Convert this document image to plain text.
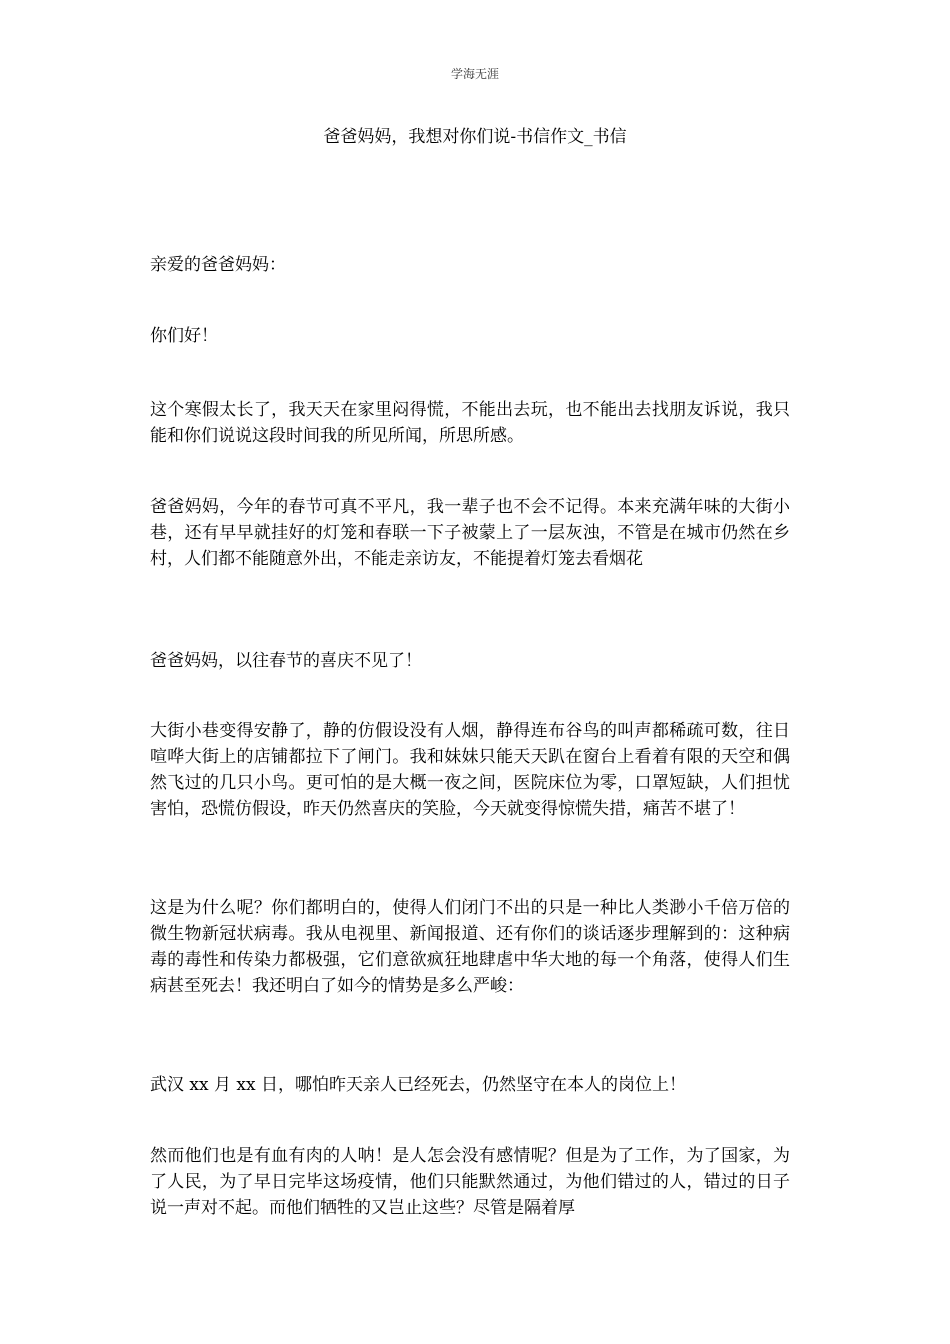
学海无涯
爸爸妈妈，我想对你们说-书信作文_书信

亲爱的爸爸妈妈：

你们好！

这个寒假太长了，我天天在家里闷得慌，不能出去玩，也不能出去找朋友诉说，我只能和你们说说这段时间我的所见所闻，所思所感。

爸爸妈妈，今年的春节可真不平凡，我一辈子也不会不记得。本来充满年味的大街小巷，还有早早就挂好的灯笼和春联一下子被蒙上了一层灰浊，不管是在城市仍然在乡村，人们都不能随意外出，不能走亲访友，不能提着灯笼去看烟花

爸爸妈妈，以往春节的喜庆不见了！

大街小巷变得安静了，静的仿假设没有人烟，静得连布谷鸟的叫声都稀疏可数，往日喧哗大街上的店铺都拉下了闸门。我和妹妹只能天天趴在窗台上看着有限的天空和偶然飞过的几只小鸟。更可怕的是大概一夜之间，医院床位为零，口罩短缺，人们担忧害怕，恐慌仿假设，昨天仍然喜庆的笑脸，今天就变得惊慌失措，痛苦不堪了！

这是为什么呢？你们都明白的，使得人们闭门不出的只是一种比人类渺小千倍万倍的微生物新冠状病毒。我从电视里、新闻报道、还有你们的谈话逐步理解到的：这种病毒的毒性和传染力都极强，它们意欲疯狂地肆虐中华大地的每一个角落，使得人们生病甚至死去！我还明白了如今的情势是多么严峻：

武汉 xx 月 xx 日，哪怕昨天亲人已经死去，仍然坚守在本人的岗位上！

然而他们也是有血有肉的人呐！是人怎会没有感情呢？但是为了工作，为了国家，为了人民，为了早日完毕这场疫情，他们只能默然通过，为他们错过的人，错过的日子说一声对不起。而他们牺牲的又岂止这些？尽管是隔着厚
